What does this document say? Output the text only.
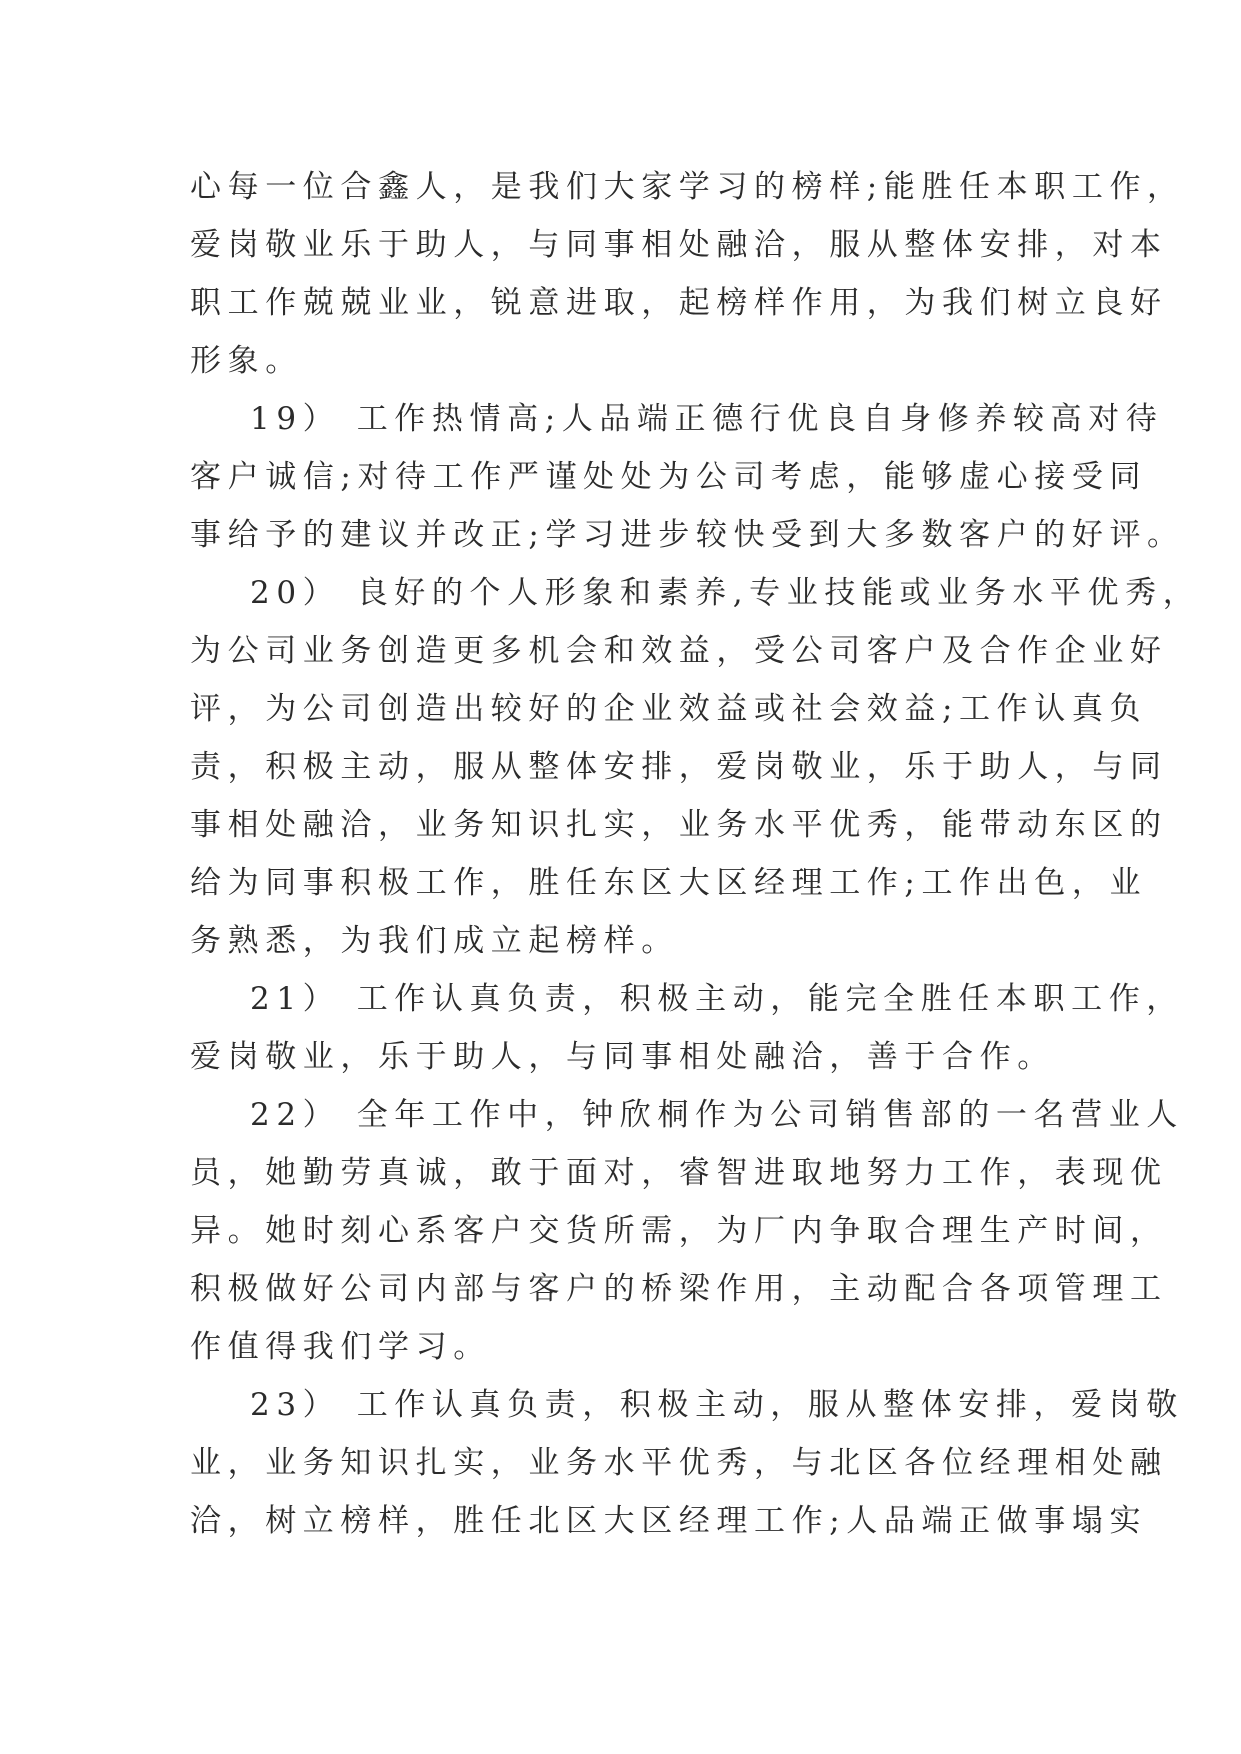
心每一位合鑫人，是我们大家学习的榜样;能胜任本职工作，
爱岗敬业乐于助人，与同事相处融洽，服从整体安排，对本
职工作兢兢业业，锐意进取，起榜样作用，为我们树立良好
形象。
19） 工作热情高;人品端正德行优良自身修养较高对待
客户诚信;对待工作严谨处处为公司考虑，能够虚心接受同
事给予的建议并改正;学习进步较快受到大多数客户的好评。
20） 良好的个人形象和素养,专业技能或业务水平优秀，
为公司业务创造更多机会和效益，受公司客户及合作企业好
评，为公司创造出较好的企业效益或社会效益;工作认真负
责，积极主动，服从整体安排，爱岗敬业，乐于助人，与同
事相处融洽，业务知识扎实，业务水平优秀，能带动东区的
给为同事积极工作，胜任东区大区经理工作;工作出色，业
务熟悉，为我们成立起榜样。
21） 工作认真负责，积极主动，能完全胜任本职工作，
爱岗敬业，乐于助人，与同事相处融洽，善于合作。
22） 全年工作中，钟欣桐作为公司销售部的一名营业人
员，她勤劳真诚，敢于面对，睿智进取地努力工作，表现优
异。她时刻心系客户交货所需，为厂内争取合理生产时间，
积极做好公司内部与客户的桥梁作用，主动配合各项管理工
作值得我们学习。
23） 工作认真负责，积极主动，服从整体安排，爱岗敬
业，业务知识扎实，业务水平优秀，与北区各位经理相处融
洽，树立榜样，胜任北区大区经理工作;人品端正做事塌实
